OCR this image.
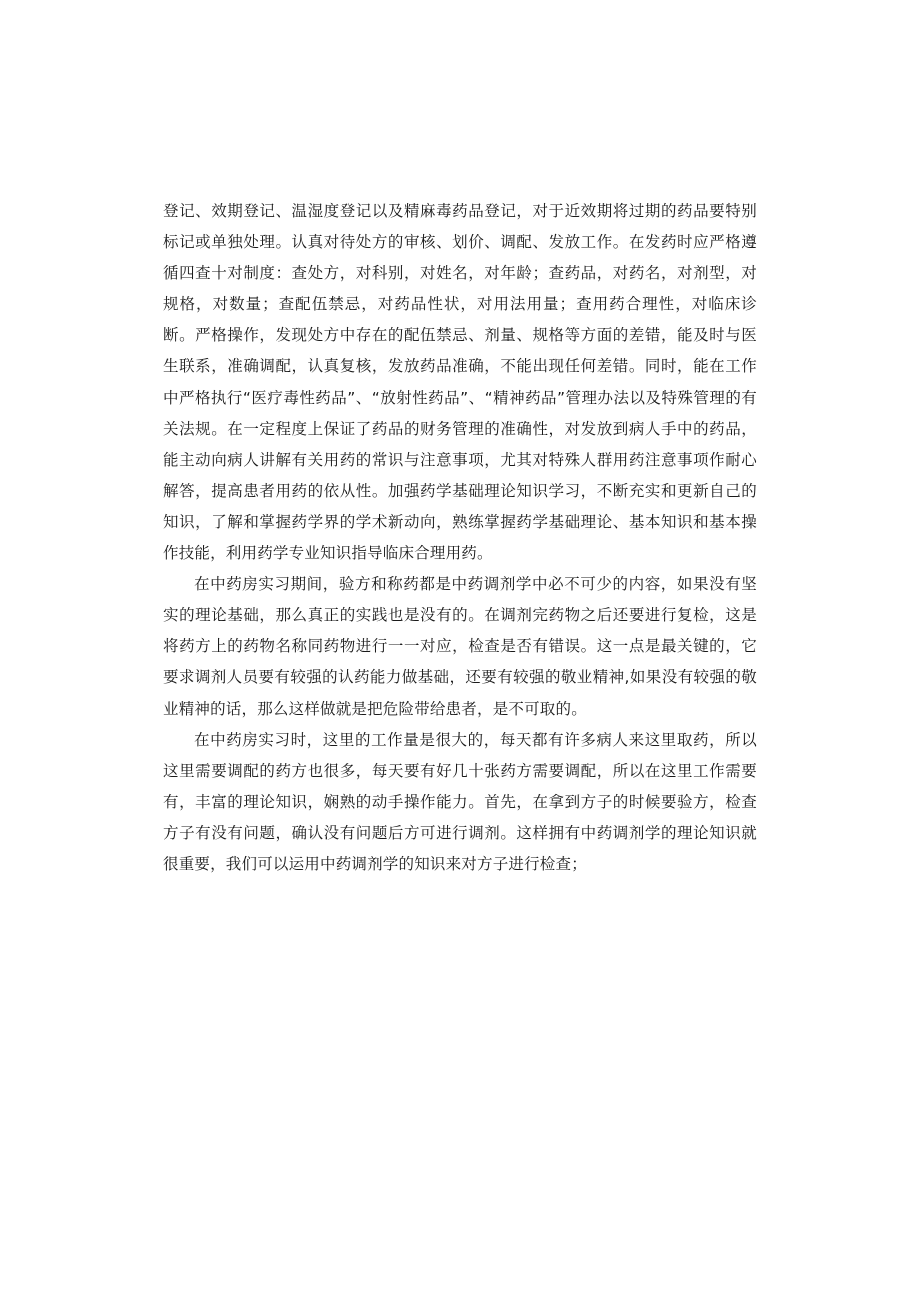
登记、效期登记、温湿度登记以及精麻毒药品登记，对于近效期将过期的药品要特别标记或单独处理。认真对待处方的审核、划价、调配、发放工作。在发药时应严格遵循四查十对制度：查处方，对科别，对姓名，对年龄；查药品，对药名，对剂型，对规格，对数量；查配伍禁忌，对药品性状，对用法用量；查用药合理性，对临床诊断。严格操作，发现处方中存在的配伍禁忌、剂量、规格等方面的差错，能及时与医生联系，准确调配，认真复核，发放药品准确，不能出现任何差错。同时，能在工作中严格执行“医疗毒性药品”、“放射性药品”、“精神药品”管理办法以及特殊管理的有关法规。在一定程度上保证了药品的财务管理的准确性，对发放到病人手中的药品，能主动向病人讲解有关用药的常识与注意事项，尤其对特殊人群用药注意事项作耐心解答，提高患者用药的依从性。加强药学基础理论知识学习，不断充实和更新自己的知识，了解和掌握药学界的学术新动向，熟练掌握药学基础理论、基本知识和基本操作技能，利用药学专业知识指导临床合理用药。

在中药房实习期间，验方和称药都是中药调剂学中必不可少的内容，如果没有坚实的理论基础，那么真正的实践也是没有的。在调剂完药物之后还要进行复检，这是将药方上的药物名称同药物进行一一对应，检查是否有错误。这一点是最关键的，它要求调剂人员要有较强的认药能力做基础，还要有较强的敬业精神,如果没有较强的敬业精神的话，那么这样做就是把危险带给患者，是不可取的。

在中药房实习时，这里的工作量是很大的，每天都有许多病人来这里取药，所以这里需要调配的药方也很多，每天要有好几十张药方需要调配，所以在这里工作需要有，丰富的理论知识，娴熟的动手操作能力。首先，在拿到方子的时候要验方，检查方子有没有问题，确认没有问题后方可进行调剂。这样拥有中药调剂学的理论知识就很重要，我们可以运用中药调剂学的知识来对方子进行检查；
